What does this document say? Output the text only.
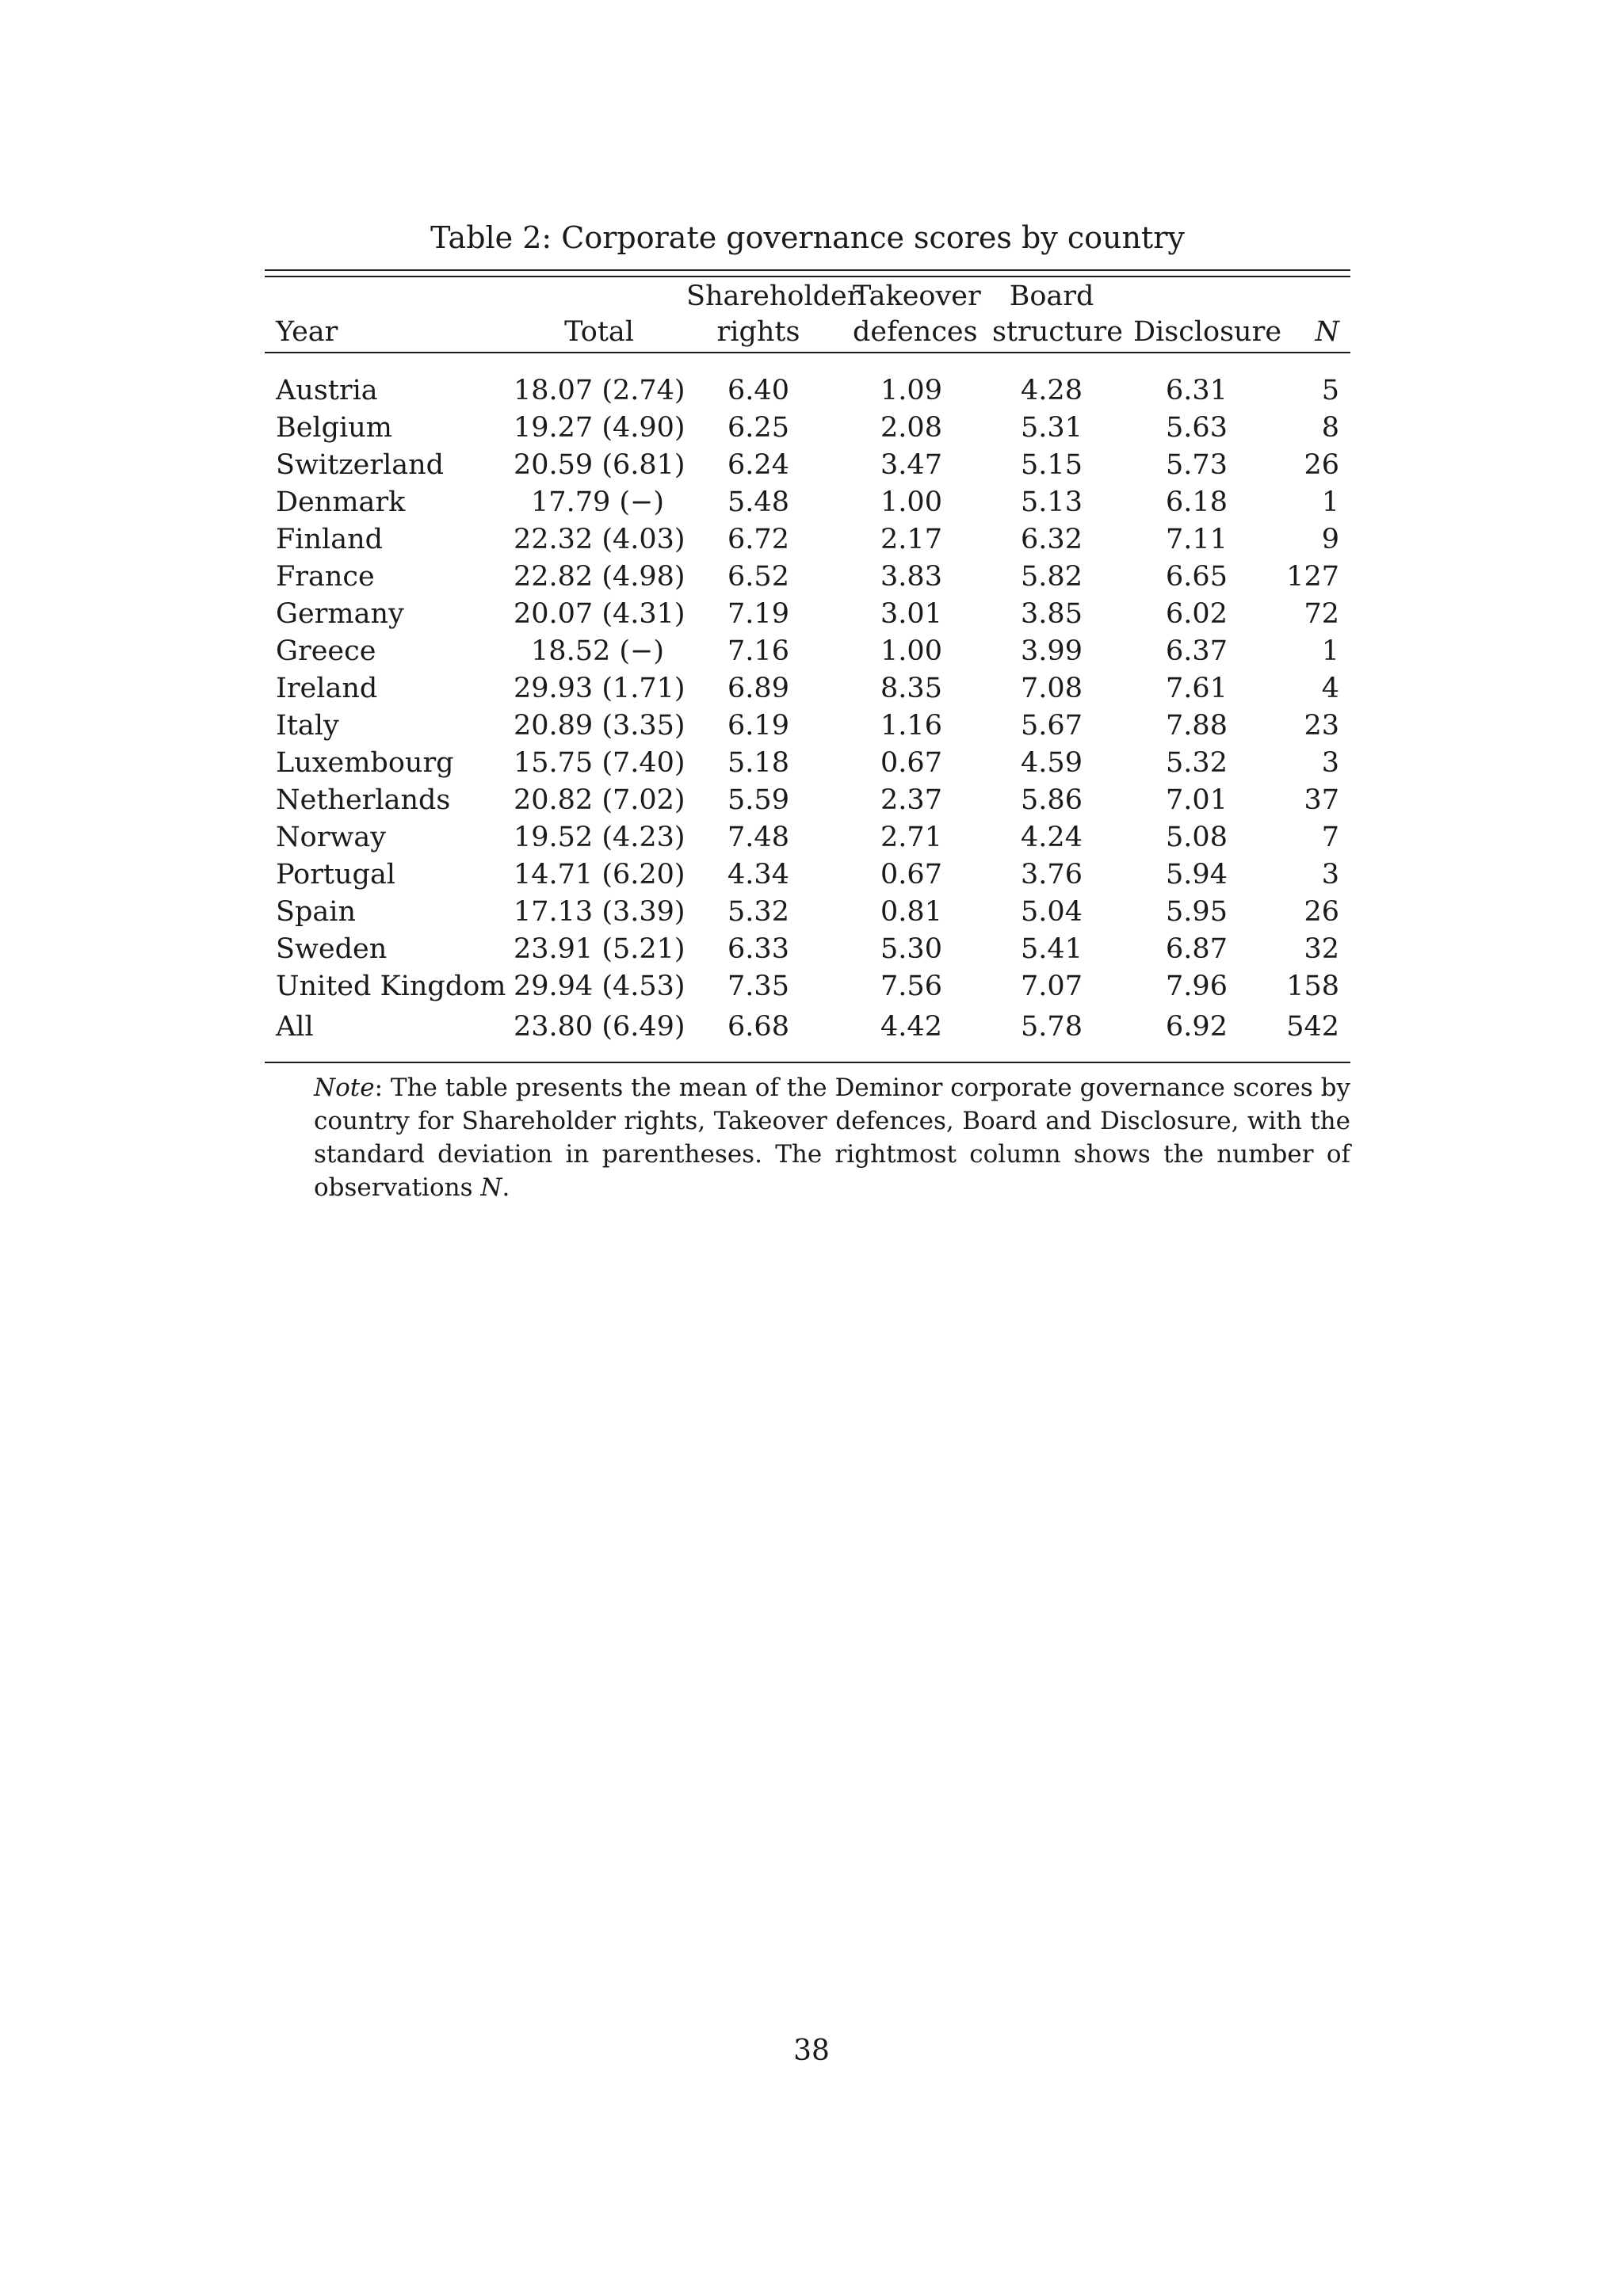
Table 2: Corporate governance scores by country
		Shareholder	Takeover	Board		
Year	Total	rights	defences	structure	Disclosure	N
Austria	18.07 (2.74)	6.40	1.09	4.28	6.31	5
Belgium	19.27 (4.90)	6.25	2.08	5.31	5.63	8
Switzerland	20.59 (6.81)	6.24	3.47	5.15	5.73	26
Denmark	17.79 (−)	5.48	1.00	5.13	6.18	1
Finland	22.32 (4.03)	6.72	2.17	6.32	7.11	9
France	22.82 (4.98)	6.52	3.83	5.82	6.65	127
Germany	20.07 (4.31)	7.19	3.01	3.85	6.02	72
Greece	18.52 (−)	7.16	1.00	3.99	6.37	1
Ireland	29.93 (1.71)	6.89	8.35	7.08	7.61	4
Italy	20.89 (3.35)	6.19	1.16	5.67	7.88	23
Luxembourg	15.75 (7.40)	5.18	0.67	4.59	5.32	3
Netherlands	20.82 (7.02)	5.59	2.37	5.86	7.01	37
Norway	19.52 (4.23)	7.48	2.71	4.24	5.08	7
Portugal	14.71 (6.20)	4.34	0.67	3.76	5.94	3
Spain	17.13 (3.39)	5.32	0.81	5.04	5.95	26
Sweden	23.91 (5.21)	6.33	5.30	5.41	6.87	32
United Kingdom	29.94 (4.53)	7.35	7.56	7.07	7.96	158
All	23.80 (6.49)	6.68	4.42	5.78	6.92	542
Note: The table presents the mean of the Deminor corporate governance scores by country for Shareholder rights, Takeover defences, Board and Disclosure, with the standard deviation in parentheses. The rightmost column shows the number of observations N.
38
